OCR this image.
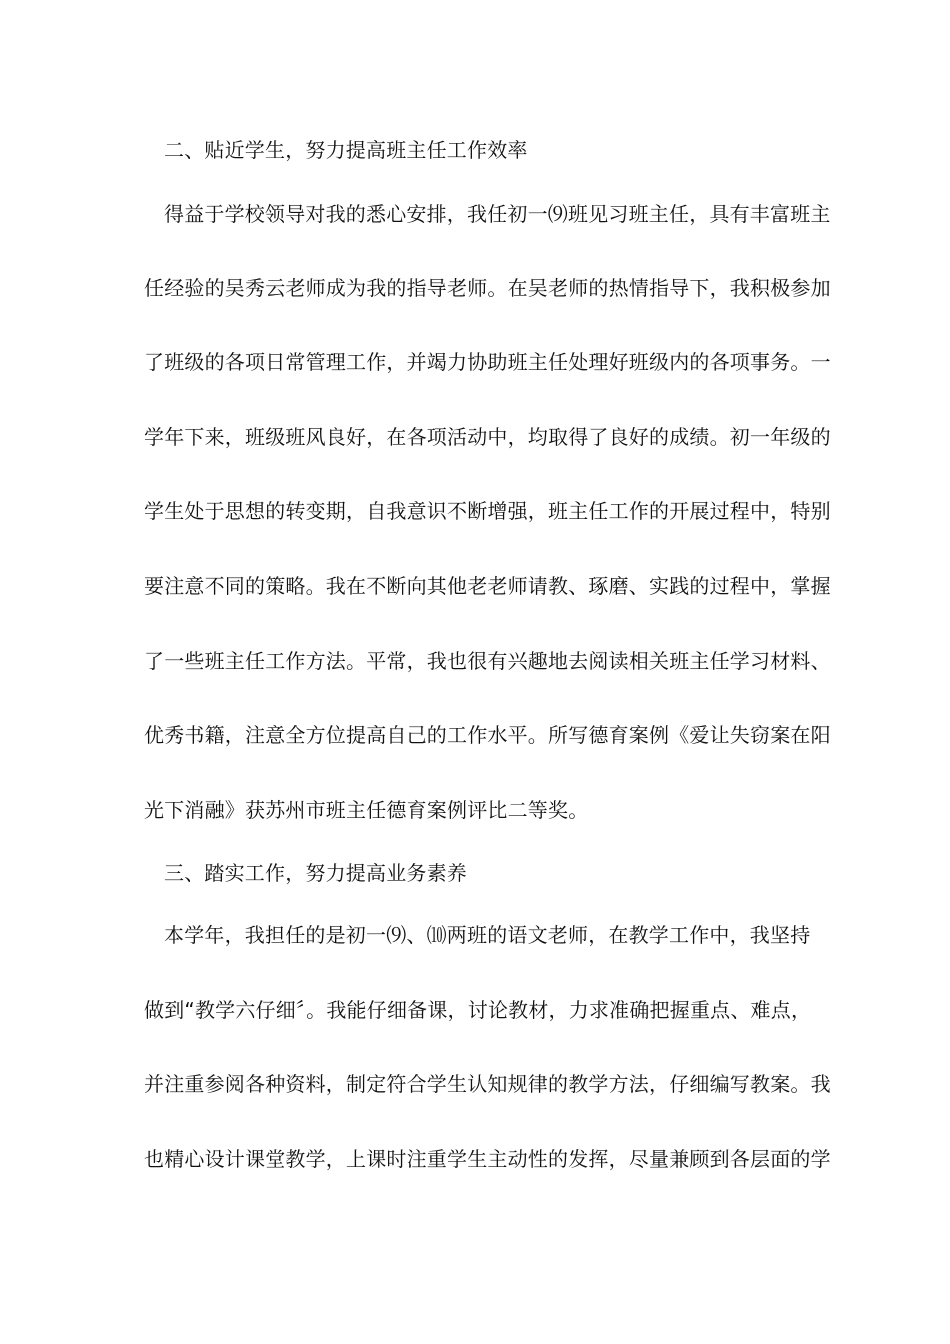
二、贴近学生，努力提高班主任工作效率
得益于学校领导对我的悉心安排，我任初一⑼班见习班主任，具有丰富班主
任经验的吴秀云老师成为我的指导老师。在吴老师的热情指导下，我积极参加
了班级的各项日常管理工作，并竭力协助班主任处理好班级内的各项事务。一
学年下来，班级班风良好，在各项活动中，均取得了良好的成绩。初一年级的
学生处于思想的转变期，自我意识不断增强，班主任工作的开展过程中，特别
要注意不同的策略。我在不断向其他老老师请教、琢磨、实践的过程中，掌握
了一些班主任工作方法。平常，我也很有兴趣地去阅读相关班主任学习材料、
优秀书籍，注意全方位提高自己的工作水平。所写德育案例《爱让失窃案在阳
光下消融》获苏州市班主任德育案例评比二等奖。
三、踏实工作，努力提高业务素养
本学年，我担任的是初一⑼、⑽两班的语文老师，在教学工作中，我坚持
做到“教学六仔细〞。我能仔细备课，讨论教材，力求准确把握重点、难点，
并注重参阅各种资料，制定符合学生认知规律的教学方法，仔细编写教案。我
也精心设计课堂教学，上课时注重学生主动性的发挥，尽量兼顾到各层面的学
